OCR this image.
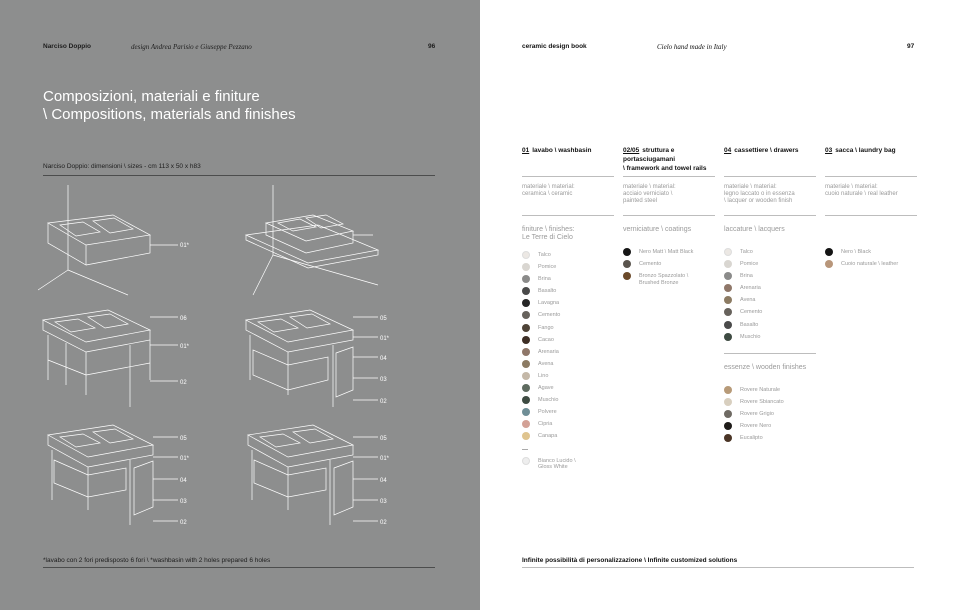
Narciso Doppio	design Andrea Parisio e Giuseppe Pezzano	96
Composizioni, materiali e finiture
\ Compositions, materials and finishes
Narciso Doppio: dimensioni \ sizes - cm 113 x 50 x h83
01*
06
01*
02
05
01*
04
03
02
05
01*
04
03
02
05
01*
04
03
02
*lavabo con 2 fori predisposto 6 fori \ *washbasin with 2 holes prepared 6 holes
ceramic design book	Cielo hand made in Italy	97
01 lavabo \ washbasin
materiale \ material:
ceramica \ ceramic
finiture \ finishes:
Le Terre di Cielo
Talco
Pomice
Brina
Basalto
Lavagna
Cemento
Fango
Cacao
Arenaria
Avena
Lino
Agave
Muschio
Polvere
Cipria
Canapa
Bianco Lucido \
Gloss White
02/05 struttura e
portasciugamani
\ framework and towel rails
materiale \ material:
acciaio verniciato \
painted steel
verniciature \ coatings
Nero Matt \ Matt Black
Cemento
Bronzo Spazzolato \
Brushed Bronze
04 cassettiere \ drawers
materiale \ material:
legno laccato o in essenza
\ lacquer or wooden finish
laccature \ lacquers
Talco
Pomice
Brina
Arenaria
Avena
Cemento
Basalto
Muschio
essenze \ wooden finishes
Rovere Naturale
Rovere Sbiancato
Rovere Grigio
Rovere Nero
Eucalipto
03 sacca \ laundry bag
materiale \ material:
cuoio naturale \ real leather

Nero \ Black
Cuoio naturale \ leather
Infinite possibilità di personalizzazione \ Infinite customized solutions
